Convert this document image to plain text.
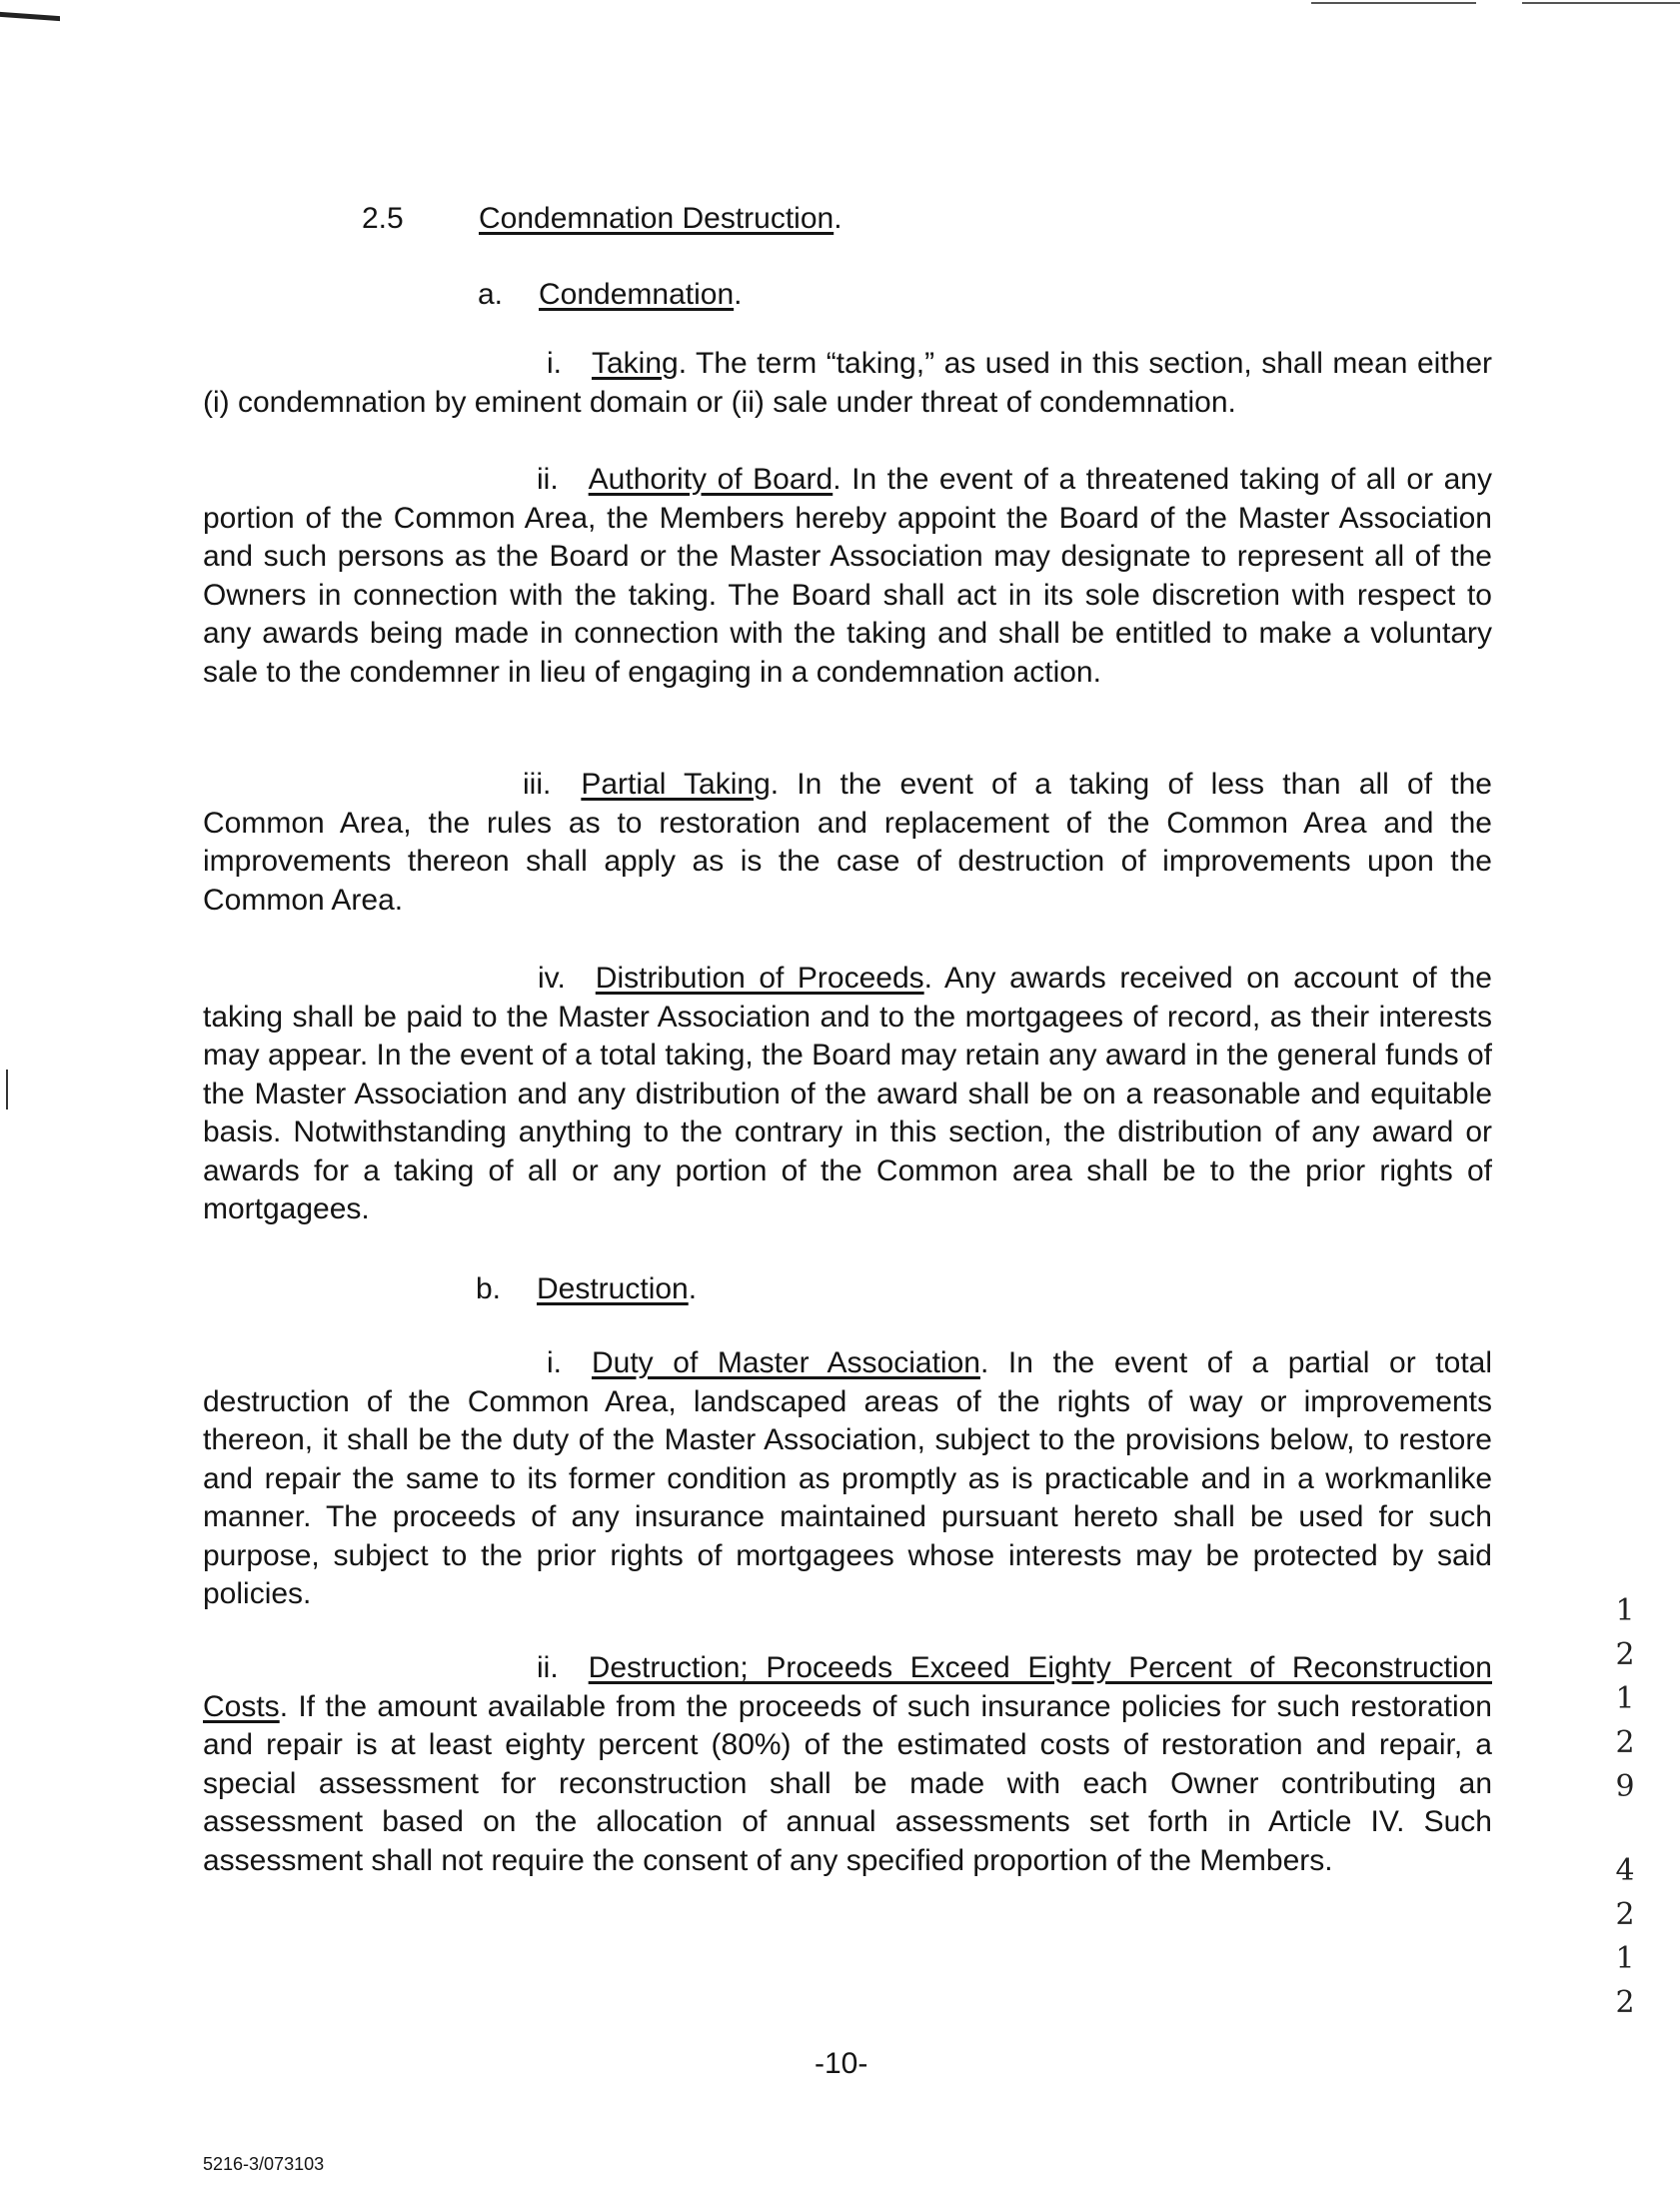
2.5	Condemnation Destruction.
a. Condemnation.
i. Taking. The term “taking,” as used in this section, shall mean either (i) condemnation by eminent domain or (ii) sale under threat of condemnation.
ii. Authority of Board. In the event of a threatened taking of all or any portion of the Common Area, the Members hereby appoint the Board of the Master Association and such persons as the Board or the Master Association may designate to represent all of the Owners in connection with the taking. The Board shall act in its sole discretion with respect to any awards being made in connection with the taking and shall be entitled to make a voluntary sale to the condemner in lieu of engaging in a condemnation action.
iii. Partial Taking. In the event of a taking of less than all of the Common Area, the rules as to restoration and replacement of the Common Area and the improvements thereon shall apply as is the case of destruction of improvements upon the Common Area.
iv. Distribution of Proceeds. Any awards received on account of the taking shall be paid to the Master Association and to the mortgagees of record, as their interests may appear. In the event of a total taking, the Board may retain any award in the general funds of the Master Association and any distribution of the award shall be on a reasonable and equitable basis. Notwithstanding anything to the contrary in this section, the distribution of any award or awards for a taking of all or any portion of the Common area shall be to the prior rights of mortgagees.
b. Destruction.
i. Duty of Master Association. In the event of a partial or total destruction of the Common Area, landscaped areas of the rights of way or improvements thereon, it shall be the duty of the Master Association, subject to the provisions below, to restore and repair the same to its former condition as promptly as is practicable and in a workmanlike manner. The proceeds of any insurance maintained pursuant hereto shall be used for such purpose, subject to the prior rights of mortgagees whose interests may be protected by said policies.
ii. Destruction; Proceeds Exceed Eighty Percent of Reconstruction Costs. If the amount available from the proceeds of such insurance policies for such restoration and repair is at least eighty percent (80%) of the estimated costs of restoration and repair, a special assessment for reconstruction shall be made with each Owner contributing an assessment based on the allocation of annual assessments set forth in Article IV. Such assessment shall not require the consent of any specified proportion of the Members.
1
2
1
2
9
4
2
1
2
-10-
5216-3/073103
